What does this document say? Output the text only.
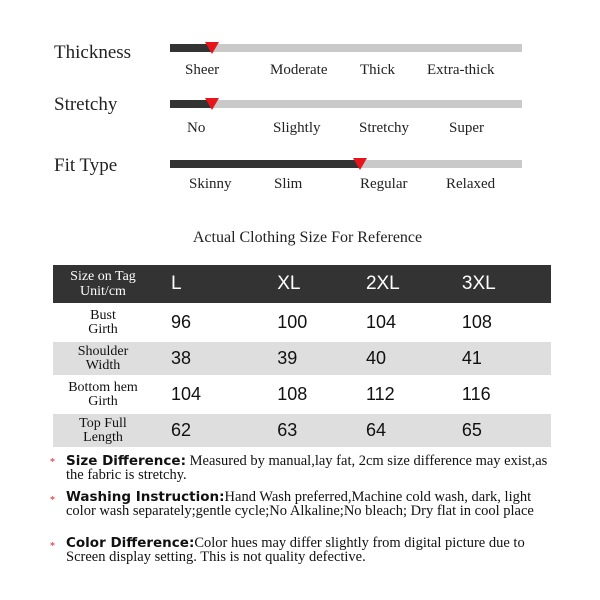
Thickness
Sheer	Moderate Thick Extra-thick
Stretchy
No	Slightly	Stretchy	Super
Fit Type
Skinny	Slim	Regular	Relaxed
Actual Clothing Size For Reference
Size on Tag
Unit/cm	L	XL	2XL	3XL

Bust
Girth	96	100	104	108

Shoulder
Width	38	39	40	41

Bottom hem
Girth	104	108	112	116

Top Full
Length	62	63	64	65
* Size Difference: Measured by manual,lay fat, 2cm size difference may exist,as the fabric is stretchy.
* Washing Instruction:Hand Wash preferred,Machine cold wash, dark, light color wash separately;gentle cycle;No Alkaline;No bleach; Dry flat in cool place
* Color Difference:Color hues may differ slightly from digital picture due to Screen display setting. This is not quality defective.
